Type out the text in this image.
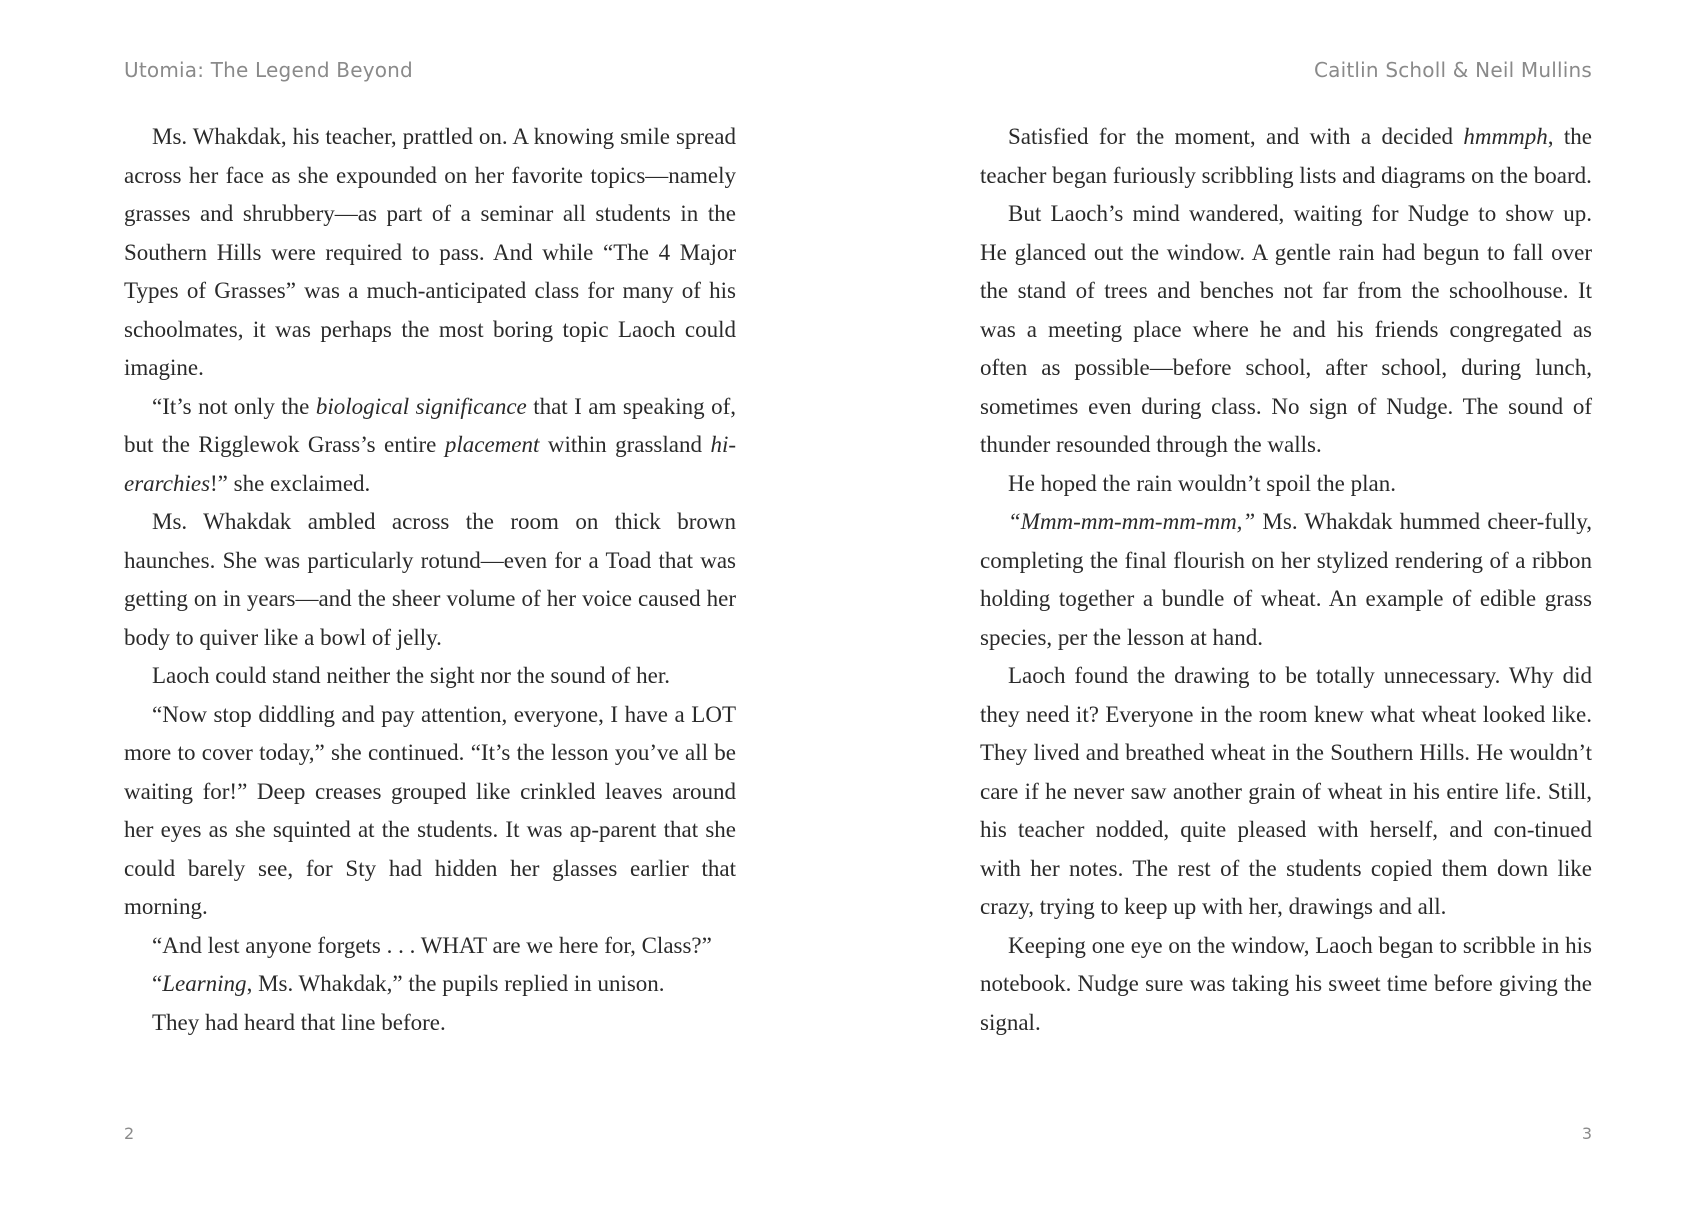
Utomia: The Legend Beyond

Ms. Whakdak, his teacher, prattled on. A knowing smile spread across her face as she expounded on her favorite topics—namely grasses and shrubbery—as part of a seminar all students in the Southern Hills were required to pass. And while “The 4 Major Types of Grasses” was a much-anticipated class for many of his schoolmates, it was perhaps the most boring topic Laoch could imagine.

“It’s not only the biological significance that I am speaking of, but the Rigglewok Grass’s entire placement within grassland hi-erarchies!” she exclaimed.

Ms. Whakdak ambled across the room on thick brown haunches. She was particularly rotund—even for a Toad that was getting on in years—and the sheer volume of her voice caused her body to quiver like a bowl of jelly.

Laoch could stand neither the sight nor the sound of her.

“Now stop diddling and pay attention, everyone, I have a LOT more to cover today,” she continued. “It’s the lesson you’ve all be waiting for!” Deep creases grouped like crinkled leaves around her eyes as she squinted at the students. It was ap-parent that she could barely see, for Sty had hidden her glasses earlier that morning.

“And lest anyone forgets . . . WHAT are we here for, Class?”

“Learning, Ms. Whakdak,” the pupils replied in unison.

They had heard that line before.

2
Caitlin Scholl & Neil Mullins

Satisfied for the moment, and with a decided hmmmph, the teacher began furiously scribbling lists and diagrams on the board.

But Laoch’s mind wandered, waiting for Nudge to show up. He glanced out the window. A gentle rain had begun to fall over the stand of trees and benches not far from the schoolhouse. It was a meeting place where he and his friends congregated as often as possible—before school, after school, during lunch, sometimes even during class. No sign of Nudge. The sound of thunder resounded through the walls.

He hoped the rain wouldn’t spoil the plan.

“Mmm-mm-mm-mm-mm,” Ms. Whakdak hummed cheer-fully, completing the final flourish on her stylized rendering of a ribbon holding together a bundle of wheat. An example of edible grass species, per the lesson at hand.

Laoch found the drawing to be totally unnecessary. Why did they need it? Everyone in the room knew what wheat looked like. They lived and breathed wheat in the Southern Hills. He wouldn’t care if he never saw another grain of wheat in his entire life. Still, his teacher nodded, quite pleased with herself, and con-tinued with her notes. The rest of the students copied them down like crazy, trying to keep up with her, drawings and all.

Keeping one eye on the window, Laoch began to scribble in his notebook. Nudge sure was taking his sweet time before giving the signal.

3
